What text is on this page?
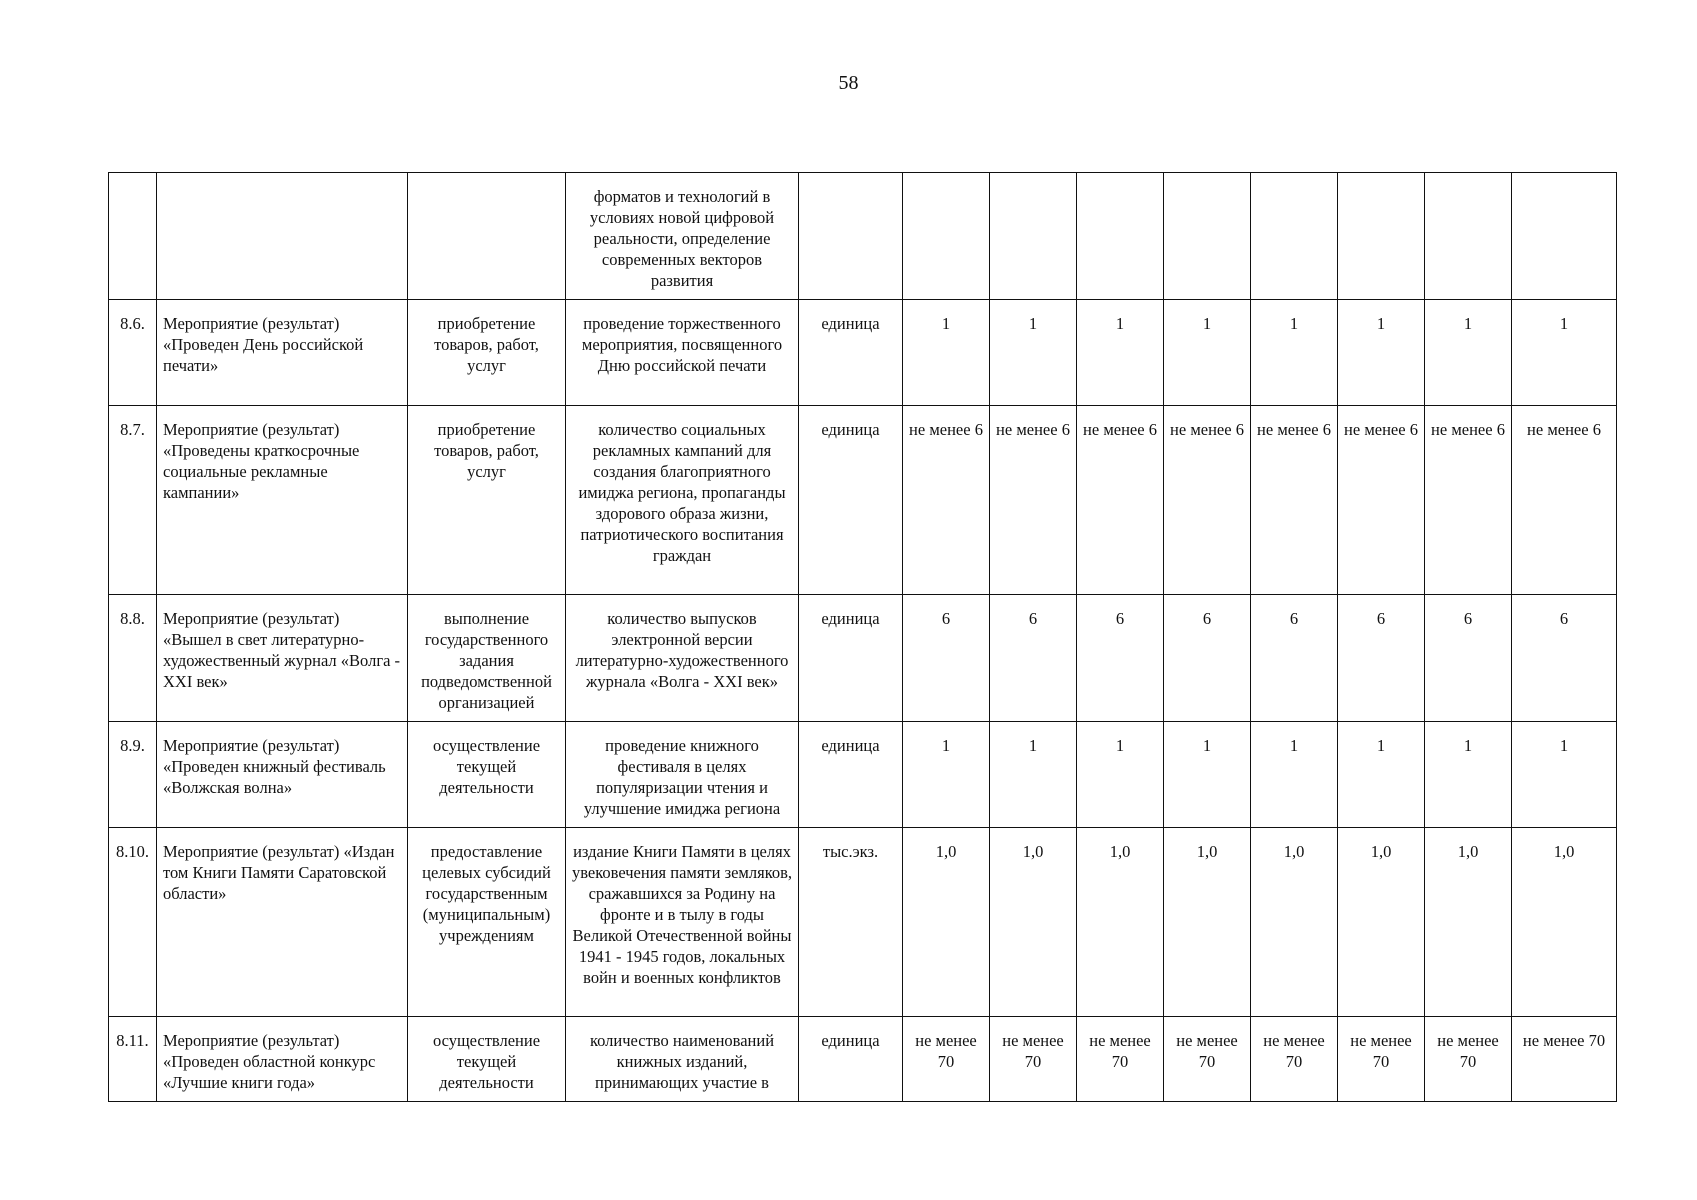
58
			форматов и технологий в условиях новой цифровой реальности, определение современных векторов развития									
8.6.	Мероприятие (результат) «Проведен День российской печати»	приобретение товаров, работ, услуг	проведение торжественного мероприятия, посвященного Дню российской печати	единица	1	1	1	1	1	1	1	1
8.7.	Мероприятие (результат) «Проведены краткосрочные социальные рекламные кампании»	приобретение товаров, работ, услуг	количество социальных рекламных кампаний для создания благоприятного имиджа региона, пропаганды здорового образа жизни, патриотического воспитания граждан	единица	не менее 6	не менее 6	не менее 6	не менее 6	не менее 6	не менее 6	не менее 6	не менее 6
8.8.	Мероприятие (результат) «Вышел в свет литературно-художественный журнал «Волга - XXI век»	выполнение государственного задания подведомственной организацией	количество выпусков электронной версии литературно-художественного журнала «Волга - XXI век»	единица	6	6	6	6	6	6	6	6
8.9.	Мероприятие (результат) «Проведен книжный фестиваль «Волжская волна»	осуществление текущей деятельности	проведение книжного фестиваля в целях популяризации чтения и улучшение имиджа региона	единица	1	1	1	1	1	1	1	1
8.10.	Мероприятие (результат) «Издан том Книги Памяти Саратовской области»	предоставление целевых субсидий государственным (муниципальным) учреждениям	издание Книги Памяти в целях увековечения памяти земляков, сражавшихся за Родину на фронте и в тылу в годы Великой Отечественной войны 1941 - 1945 годов, локальных войн и военных конфликтов	тыс.экз.	1,0	1,0	1,0	1,0	1,0	1,0	1,0	1,0
8.11.	Мероприятие (результат) «Проведен областной конкурс «Лучшие книги года»	осуществление текущей деятельности	количество наименований книжных изданий, принимающих участие в	единица	не менее 70	не менее 70	не менее 70	не менее 70	не менее 70	не менее 70	не менее 70	не менее 70
